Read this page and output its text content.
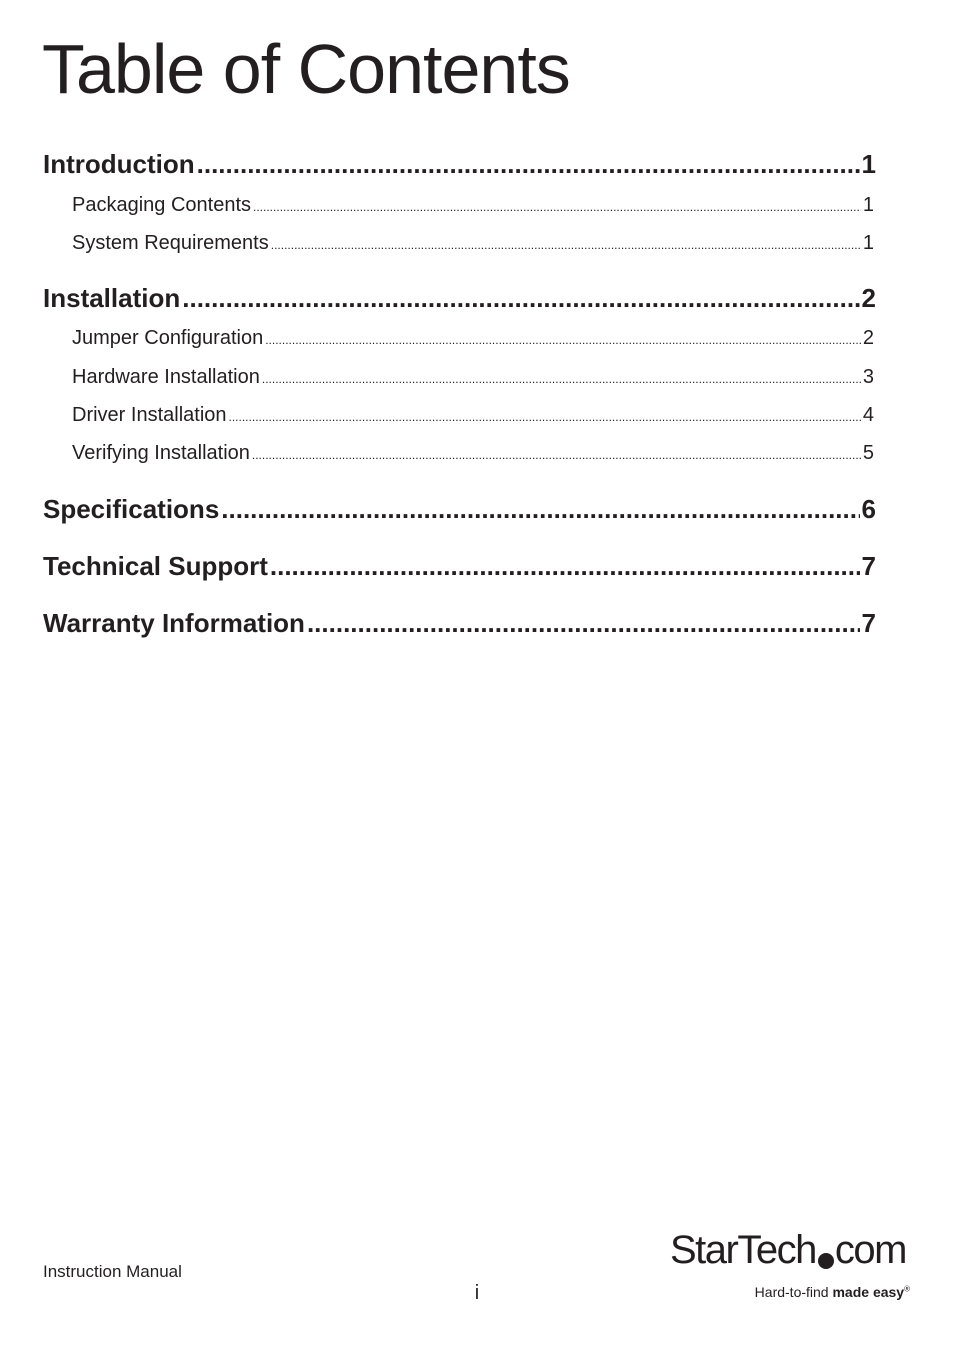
Table of Contents
Introduction .....	1
Packaging Contents .....	1
System Requirements .....	1
Installation .....	2
Jumper Configuration .....	2
Hardware Installation .....	3
Driver Installation .....	4
Verifying Installation .....	5
Specifications .....	6
Technical Support .....	7
Warranty Information .....	7
Instruction Manual
i
StarTech com
Hard-to-find made easy®
